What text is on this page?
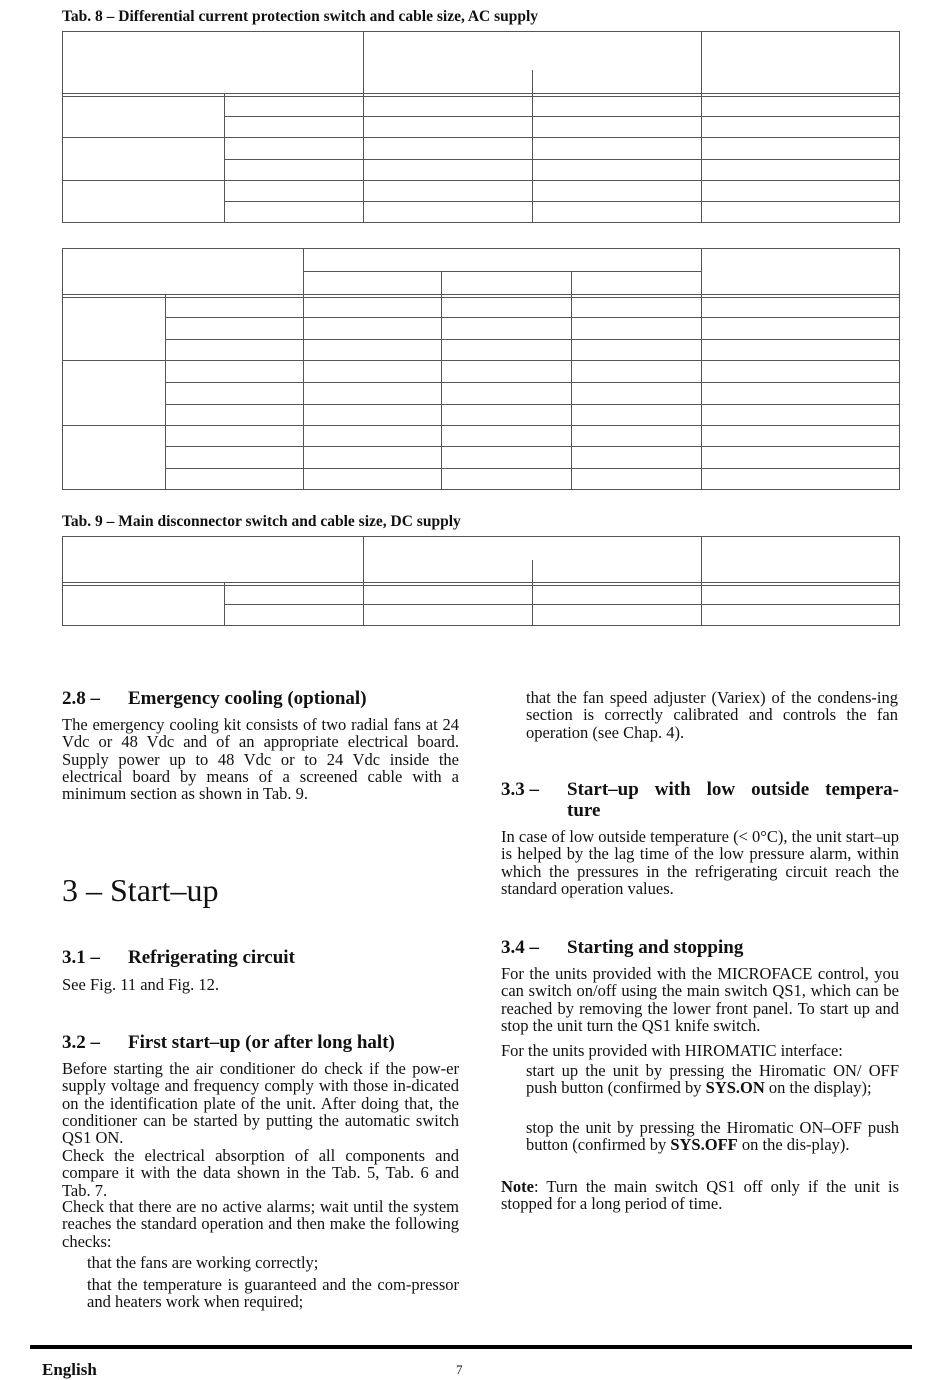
Tab. 8 – Differential current protection switch and cable size, AC supply
Tab. 9 – Main disconnector switch and cable size, DC supply
2.8 – Emergency cooling (optional)

The emergency cooling kit consists of two radial fans at 24 Vdc or 48 Vdc and of an appropriate electrical board. Supply power up to 48 Vdc or to 24 Vdc inside the electrical board by means of a screened cable with a minimum section as shown in Tab. 9.

3 – Start–up
3.1 – Refrigerating circuit

See Fig. 11 and Fig. 12.

3.2 – First start–up (or after long halt)

Before starting the air conditioner do check if the pow-er supply voltage and frequency comply with those in-dicated on the identification plate of the unit. After doing that, the conditioner can be started by putting the automatic switch QS1 ON.

Check the electrical absorption of all components and compare it with the data shown in the Tab. 5, Tab. 6 and Tab. 7.

Check that there are no active alarms; wait until the system reaches the standard operation and then make the following checks:

that the fans are working correctly;

that the temperature is guaranteed and the com-pressor and heaters work when required;

that the fan speed adjuster (Variex) of the condens-ing section is correctly calibrated and controls the fan operation (see Chap. 4).

3.3 –	Start–up with low outside tempera-
ture

In case of low outside temperature (< 0°C), the unit start–up is helped by the lag time of the low pressure alarm, within which the pressures in the refrigerating circuit reach the standard operation values.

3.4 – Starting and stopping

For the units provided with the MICROFACE control, you can switch on/off using the main switch QS1, which can be reached by removing the lower front panel. To start up and stop the unit turn the QS1 knife switch.

For the units provided with HIROMATIC interface:

start up the unit by pressing the Hiromatic ON/ OFF push button (confirmed by SYS.ON on the display);

stop the unit by pressing the Hiromatic ON–OFF push button (confirmed by SYS.OFF on the dis-play).

Note: Turn the main switch QS1 off only if the unit is stopped for a long period of time.

English	7
